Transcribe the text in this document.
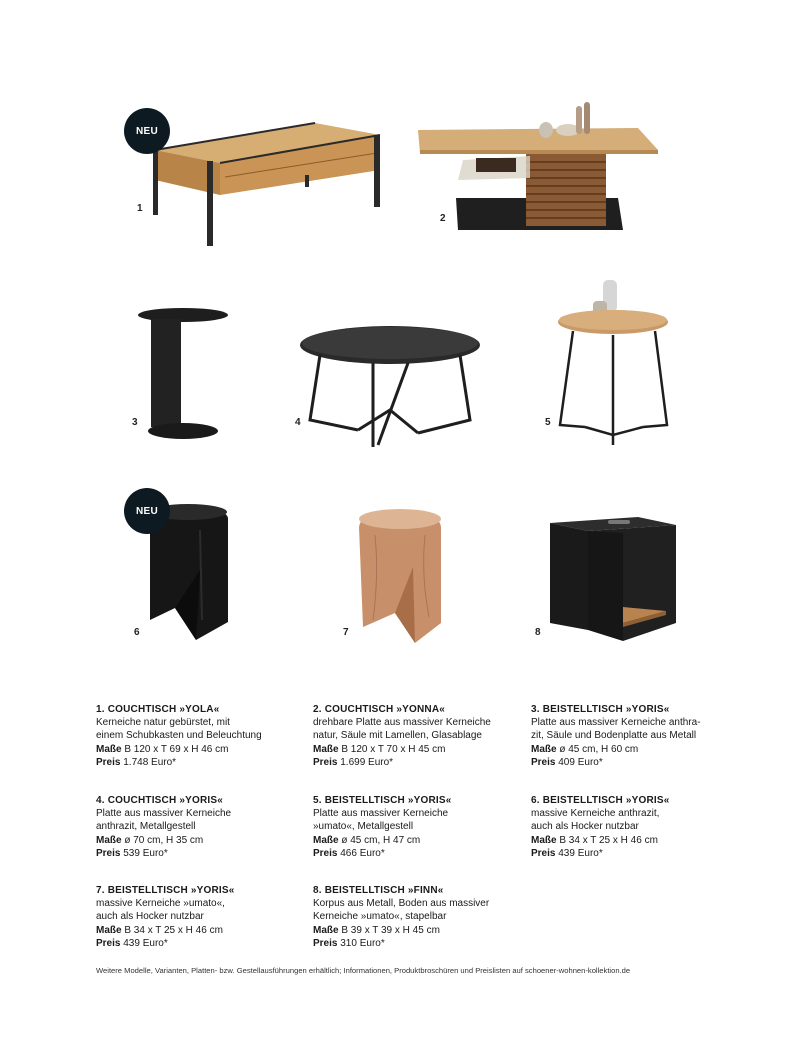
NEU
1
2
3	4	5
NEU
6	7	8
1. COUCHTISCH »YOLA«
Kerneiche natur gebürstet, mit
einem Schubkasten und Beleuchtung
Maße B 120 x T 69 x H 46 cm
Preis 1.748 Euro*
2. COUCHTISCH »YONNA«
drehbare Platte aus massiver Kerneiche
natur, Säule mit Lamellen, Glasablage
Maße B 120 x T 70 x H 45 cm
Preis 1.699 Euro*
3. BEISTELLTISCH »YORIS«
Platte aus massiver Kerneiche anthra-
zit, Säule und Bodenplatte aus Metall
Maße ø 45 cm, H 60 cm
Preis 409 Euro*
4. COUCHTISCH »YORIS«
Platte aus massiver Kerneiche
anthrazit, Metallgestell
Maße ø 70 cm, H 35 cm
Preis 539 Euro*
5. BEISTELLTISCH »YORIS«
Platte aus massiver Kerneiche
»umato«, Metallgestell
Maße ø 45 cm, H 47 cm
Preis 466 Euro*
6. BEISTELLTISCH »YORIS«
massive Kerneiche anthrazit,
auch als Hocker nutzbar
Maße B 34 x T 25 x H 46 cm
Preis 439 Euro*
7. BEISTELLTISCH »YORIS«
massive Kerneiche »umato«,
auch als Hocker nutzbar
Maße B 34 x T 25 x H 46 cm
Preis 439 Euro*
8. BEISTELLTISCH »FINN«
Korpus aus Metall, Boden aus massiver
Kerneiche »umato«, stapelbar
Maße B 39 x T 39 x H 45 cm
Preis 310 Euro*
Weitere Modelle, Varianten, Platten- bzw. Gestellausführungen erhältlich; Informationen, Produktbroschüren und Preislisten auf schoener-wohnen-kollektion.de
